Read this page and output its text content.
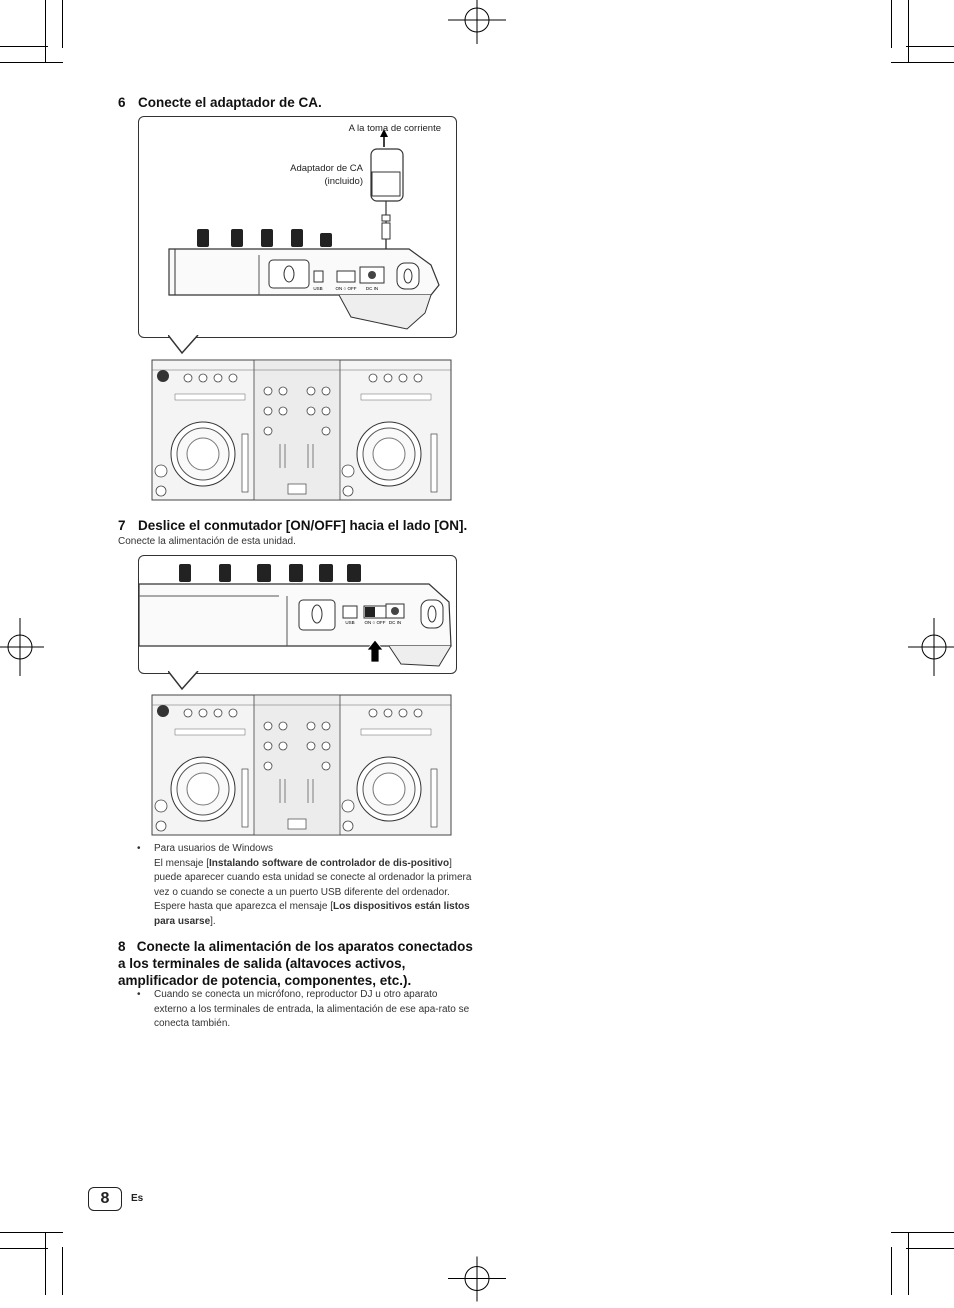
6 Conecte el adaptador de CA.
USB	ON ○ OFF DC IN
A la toma de corriente
Adaptador de CA
(incluido)
7 Deslice el conmutador [ON/OFF] hacia el lado [ON].
Conecte la alimentación de esta unidad.
USB ON ○ OFF DC IN
• Para usuarios de Windows
El mensaje [Instalando software de controlador de dis-positivo] puede aparecer cuando esta unidad se conecte al ordenador la primera vez o cuando se conecte a un puerto USB diferente del ordenador. Espere hasta que aparezca el mensaje [Los dispositivos están listos para usarse].
8 Conecte la alimentación de los aparatos conectados a los terminales de salida (altavoces activos, amplificador de potencia, componentes, etc.).
• Cuando se conecta un micrófono, reproductor DJ u otro aparato externo a los terminales de entrada, la alimentación de ese apa-rato se conecta también.
8	Es
